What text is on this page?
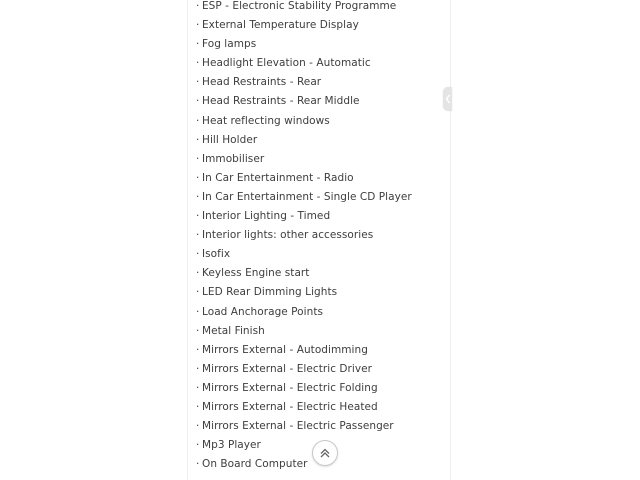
· ESP - Electronic Stability Programme
· External Temperature Display
· Fog lamps
· Headlight Elevation - Automatic
· Head Restraints - Rear
· Head Restraints - Rear Middle
· Heat reflecting windows
· Hill Holder
· Immobiliser
· In Car Entertainment - Radio
· In Car Entertainment - Single CD Player
· Interior Lighting - Timed
· Interior lights: other accessories
· Isofix
· Keyless Engine start
· LED Rear Dimming Lights
· Load Anchorage Points
· Metal Finish
· Mirrors External - Autodimming
· Mirrors External - Electric Driver
· Mirrors External - Electric Folding
· Mirrors External - Electric Heated
· Mirrors External - Electric Passenger
· Mp3 Player
· On Board Computer
